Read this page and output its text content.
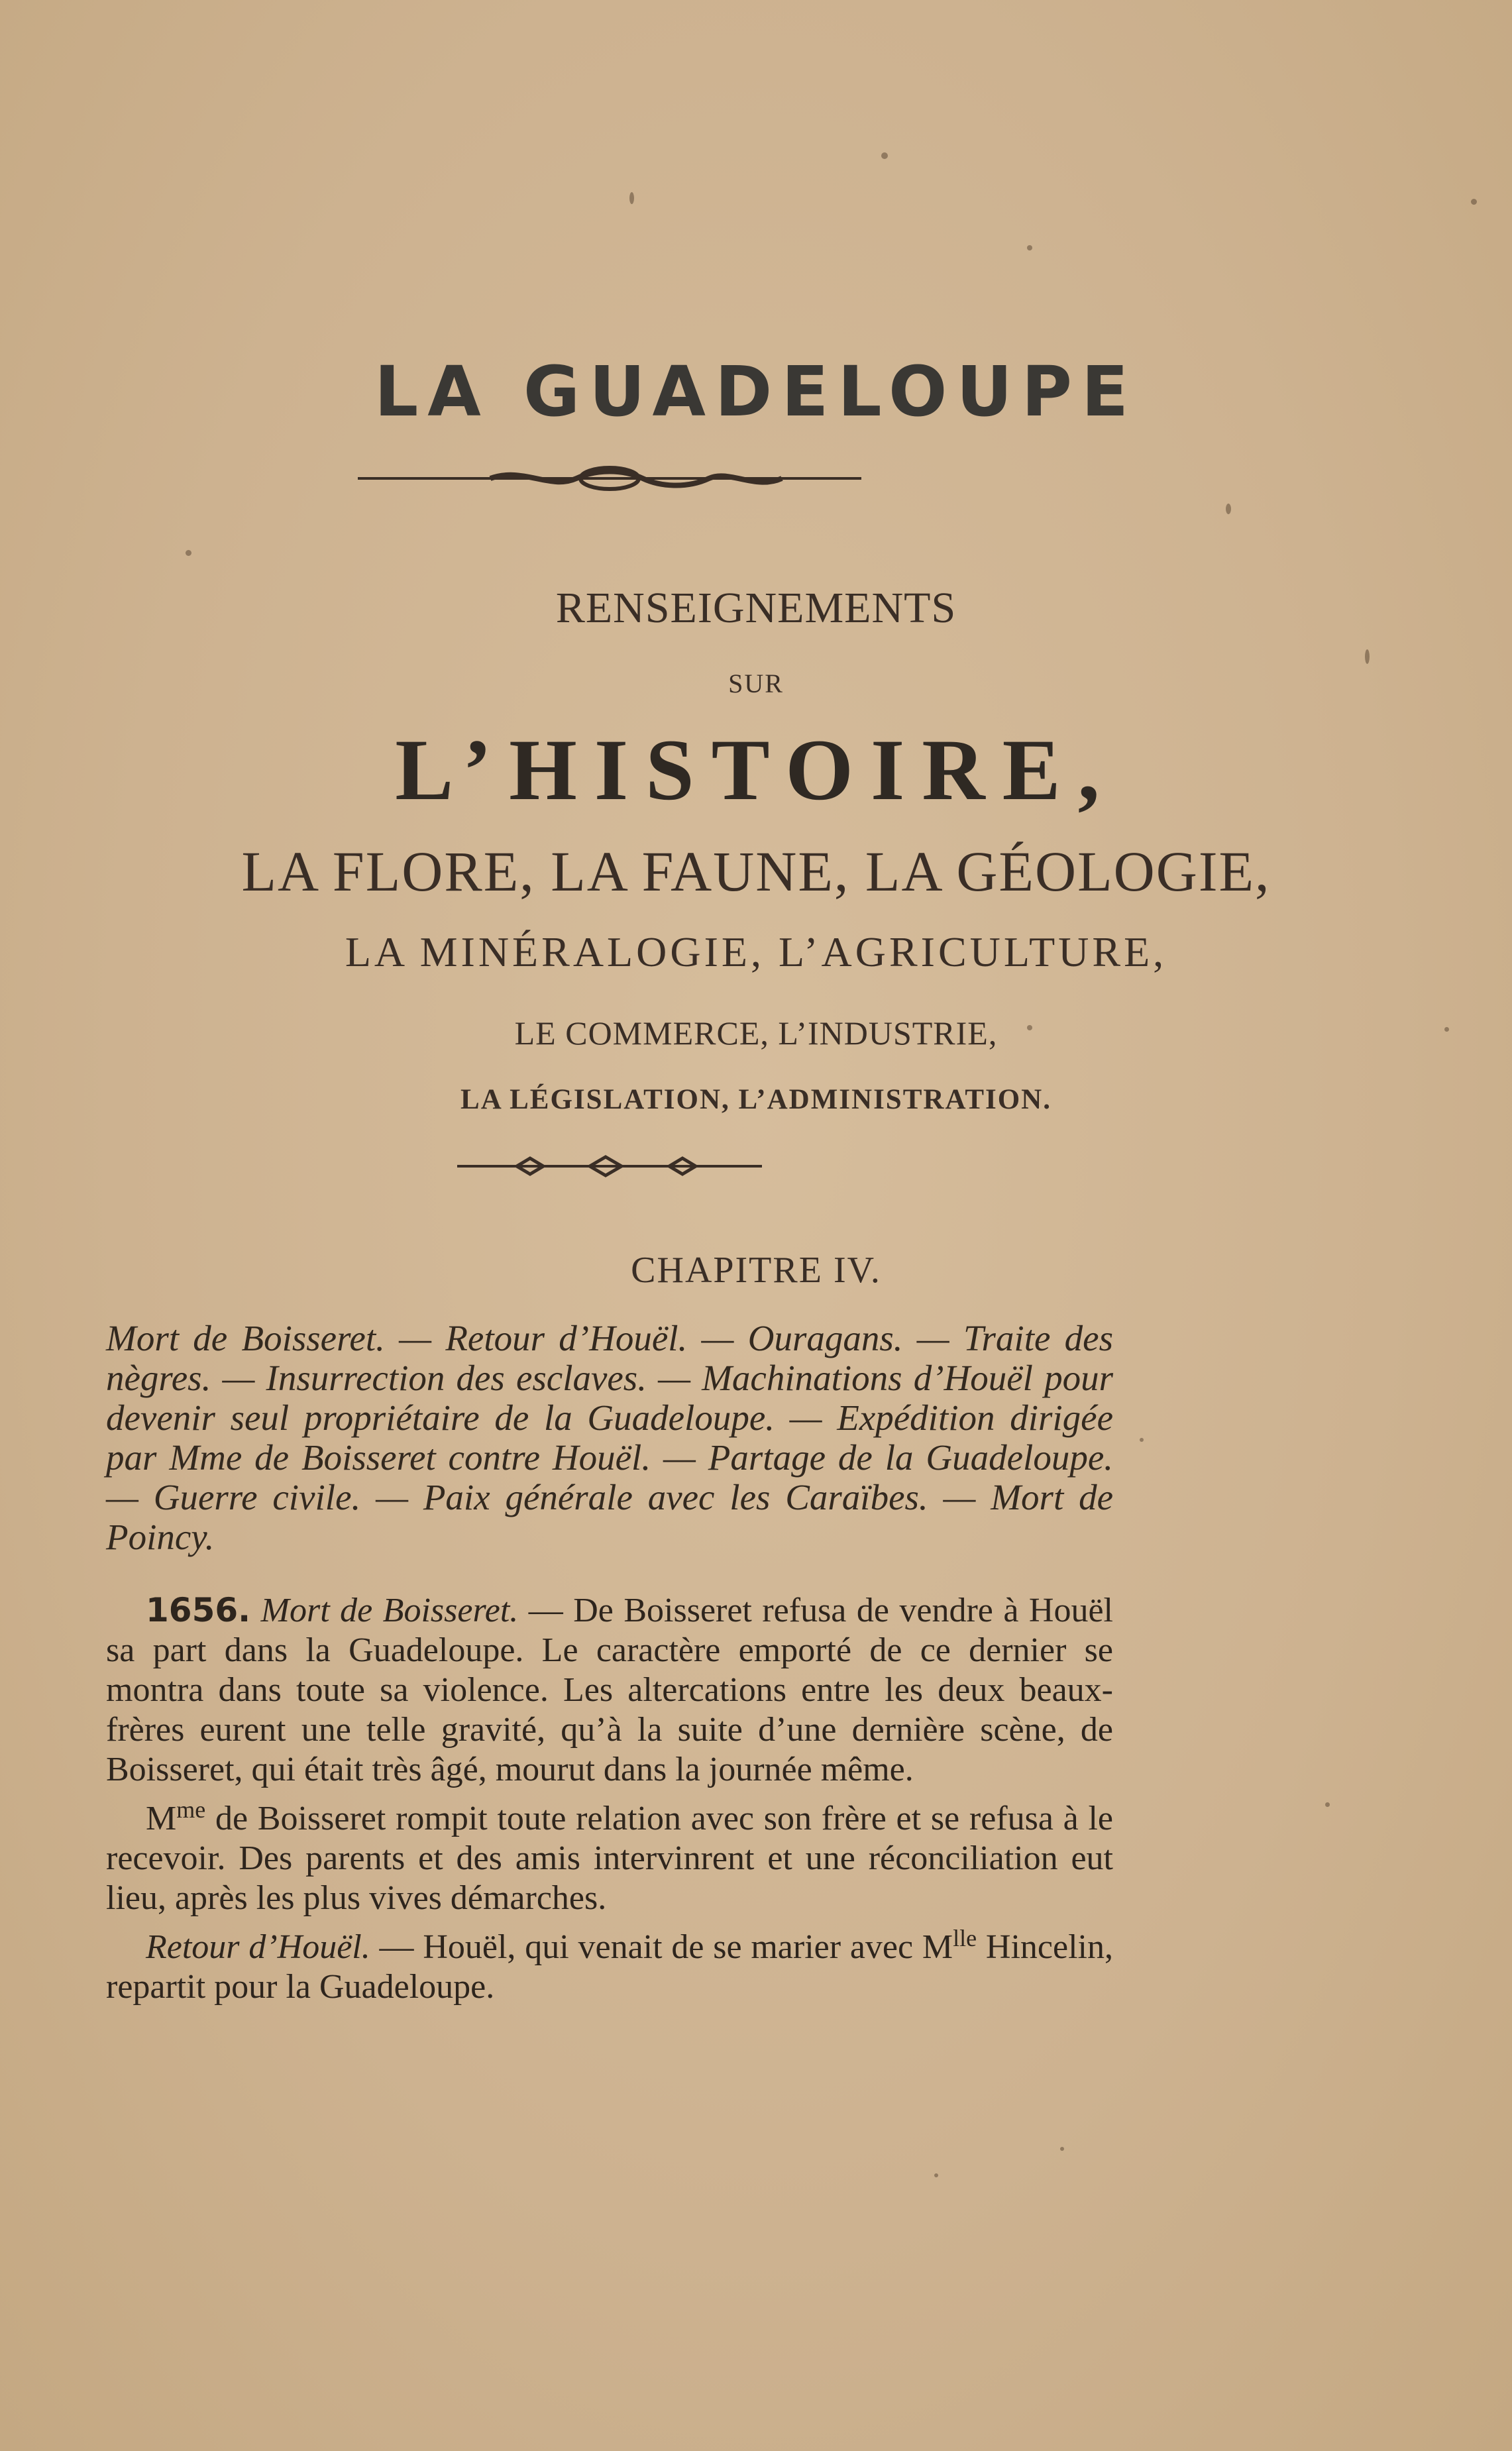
LA GUADELOUPE
RENSEIGNEMENTS
SUR
L’HISTOIRE,
LA FLORE, LA FAUNE, LA GÉOLOGIE,
LA MINÉRALOGIE, L’AGRICULTURE,
LE COMMERCE, L’INDUSTRIE,
LA LÉGISLATION, L’ADMINISTRATION.
CHAPITRE IV.
Mort de Boisseret. — Retour d’Houël. — Ouragans. — Traite des nègres. — Insurrection des esclaves. — Machinations d’Houël pour devenir seul propriétaire de la Guadeloupe. — Expédition dirigée par Mme de Boisseret contre Houël. — Partage de la Guadeloupe. — Guerre civile. — Paix générale avec les Caraïbes. — Mort de Poincy.

1656. Mort de Boisseret. — De Boisseret refusa de vendre à Houël sa part dans la Guadeloupe. Le caractère emporté de ce dernier se montra dans toute sa violence. Les altercations entre les deux beaux-frères eurent une telle gravité, qu’à la suite d’une dernière scène, de Boisseret, qui était très âgé, mourut dans la journée même.

$M^{me}$ de Boisseret rompit toute relation avec son frère et se refusa à le recevoir. Des parents et des amis intervinrent et une réconciliation eut lieu, après les plus vives démarches.

Retour d’Houël. — Houël, qui venait de se marier avec $M^{lle}$ Hincelin, repartit pour la Guadeloupe.
